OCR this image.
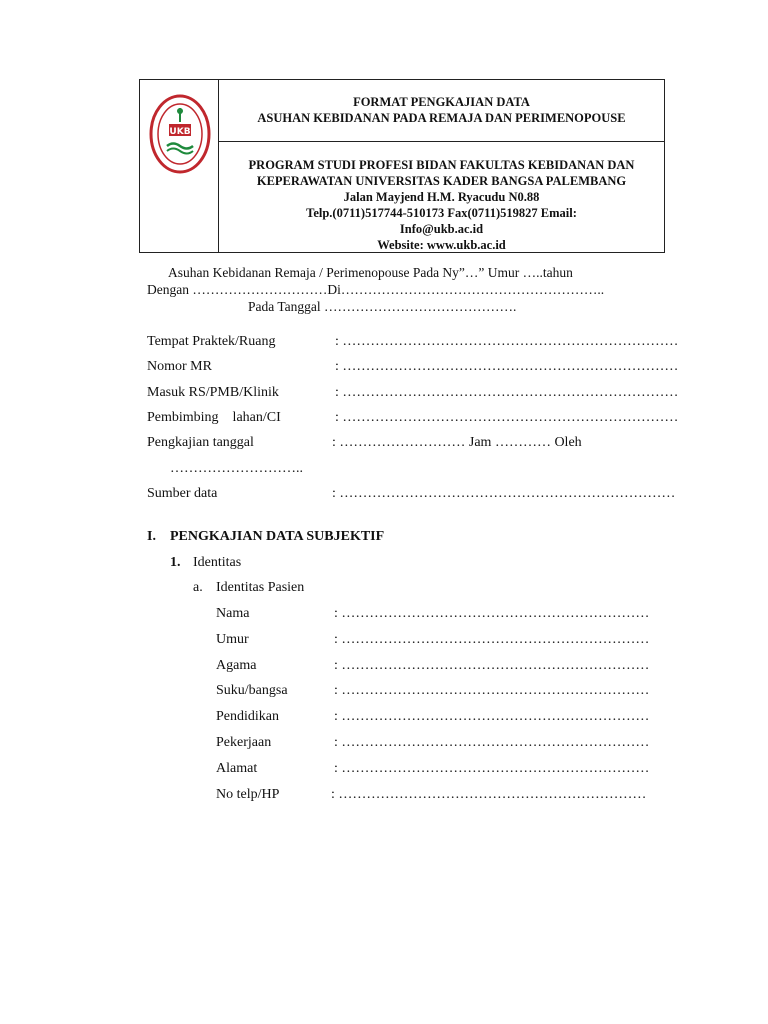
UKB
FORMAT PENGKAJIAN DATA
ASUHAN KEBIDANAN PADA REMAJA DAN PERIMENOPOUSE
PROGRAM STUDI PROFESI BIDAN FAKULTAS KEBIDANAN DAN
KEPERAWATAN UNIVERSITAS KADER BANGSA PALEMBANG
Jalan Mayjend H.M. Ryacudu N0.88
Telp.(0711)517744-510173 Fax(0711)519827 Email:
Info@ukb.ac.id
Website: www.ukb.ac.id
Asuhan Kebidanan Remaja / Perimenopouse Pada Ny”…” Umur …..tahun
Dengan …………………………Di…………………………………………………..
Pada Tanggal …………………………………….
Tempat Praktek/Ruang	: ………………………………………………………………
Nomor MR	: ………………………………………………………………
Masuk RS/PMB/Klinik	: ………………………………………………………………
Pembimbing    lahan/CI	: ………………………………………………………………
Pengkajian tanggal	: ……………………… Jam ………… Oleh
………………………..
Sumber data	: ………………………………………………………………
I. PENGKAJIAN DATA SUBJEKTIF
1. Identitas
a. Identitas Pasien
Nama	: …………………………………………………………
Umur	: …………………………………………………………
Agama	: …………………………………………………………
Suku/bangsa	: …………………………………………………………
Pendidikan	: …………………………………………………………
Pekerjaan	: …………………………………………………………
Alamat	: …………………………………………………………
No telp/HP	: …………………………………………………………
